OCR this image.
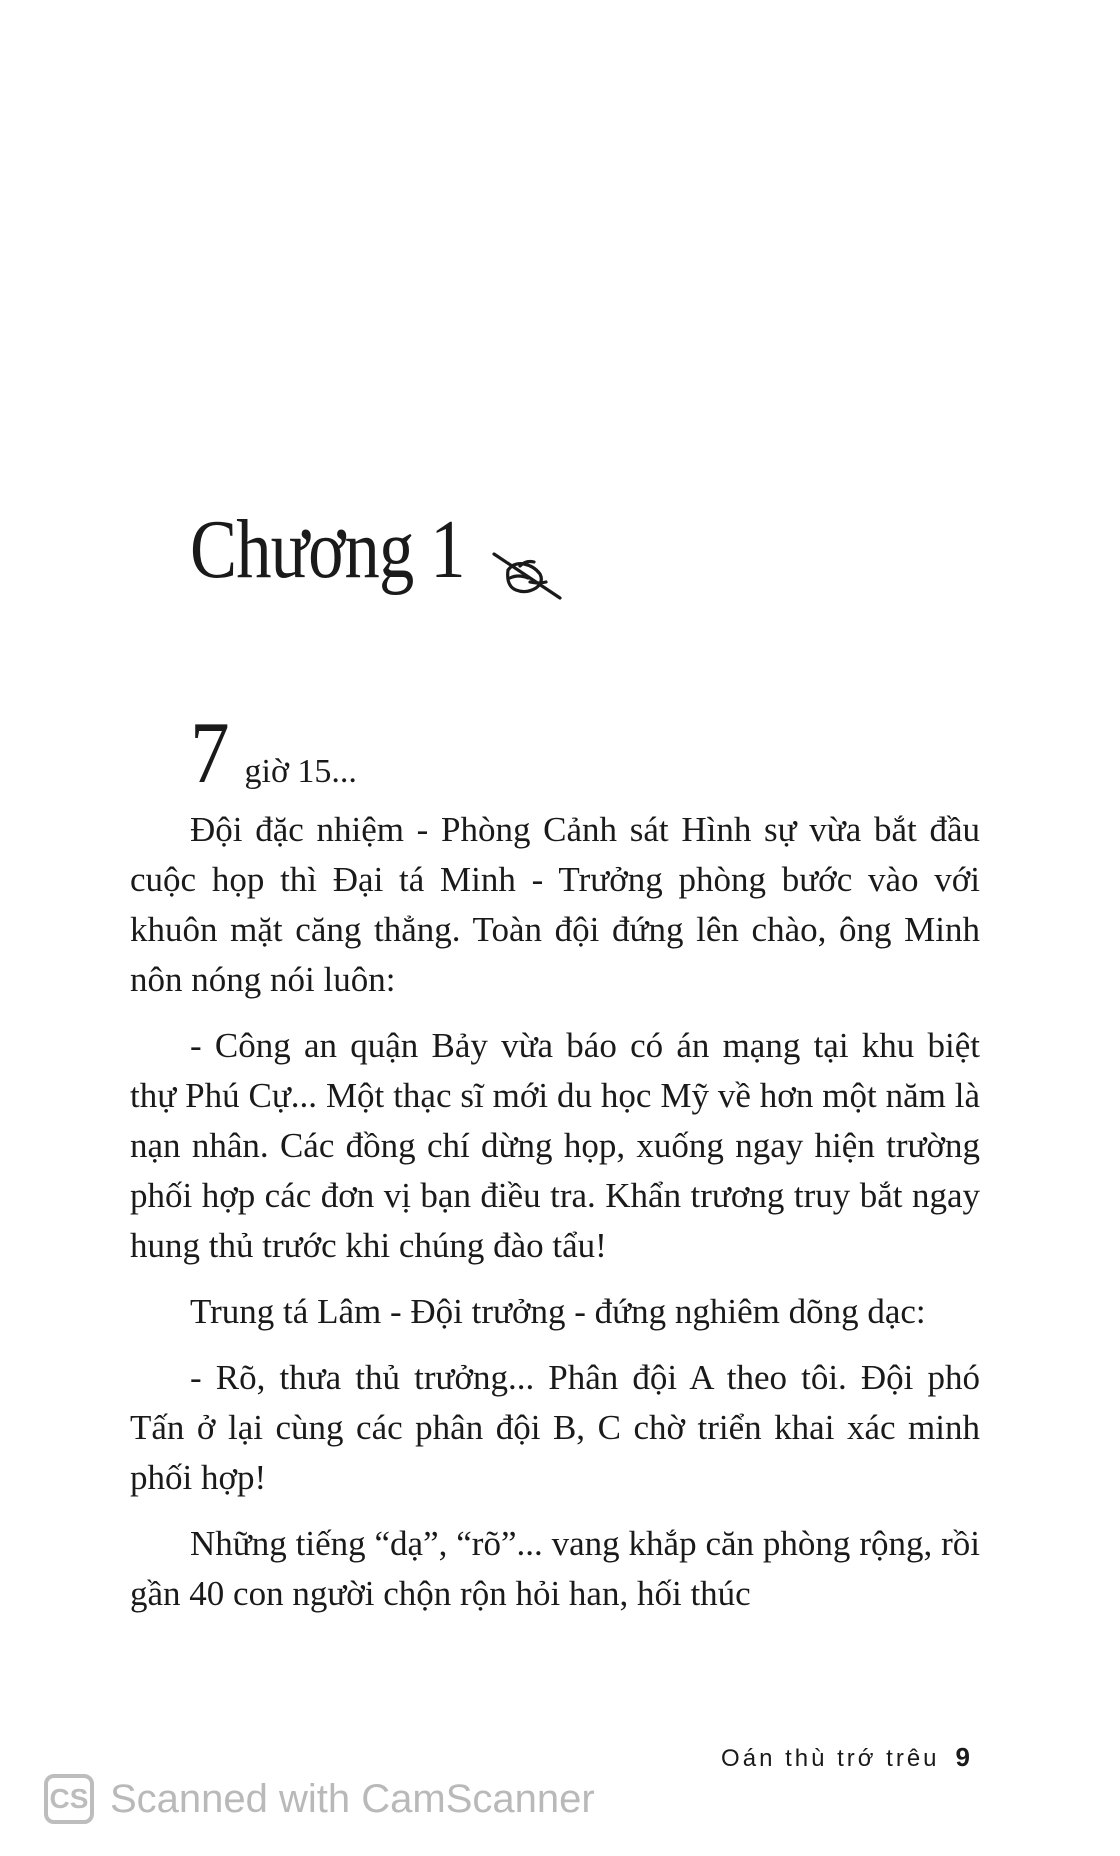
Chương 1
7 giờ 15...

Đội đặc nhiệm - Phòng Cảnh sát Hình sự vừa bắt đầu cuộc họp thì Đại tá Minh - Trưởng phòng bước vào với khuôn mặt căng thẳng. Toàn đội đứng lên chào, ông Minh nôn nóng nói luôn:

- Công an quận Bảy vừa báo có án mạng tại khu biệt thự Phú Cự... Một thạc sĩ mới du học Mỹ về hơn một năm là nạn nhân. Các đồng chí dừng họp, xuống ngay hiện trường phối hợp các đơn vị bạn điều tra. Khẩn trương truy bắt ngay hung thủ trước khi chúng đào tẩu!

Trung tá Lâm - Đội trưởng - đứng nghiêm dõng dạc:

- Rõ, thưa thủ trưởng... Phân đội A theo tôi. Đội phó Tấn ở lại cùng các phân đội B, C chờ triển khai xác minh phối hợp!

Những tiếng “dạ”, “rõ”... vang khắp căn phòng rộng, rồi gần 40 con người chộn rộn hỏi han, hối thúc

Oán thù trớ trêu 9
CS Scanned with CamScanner
